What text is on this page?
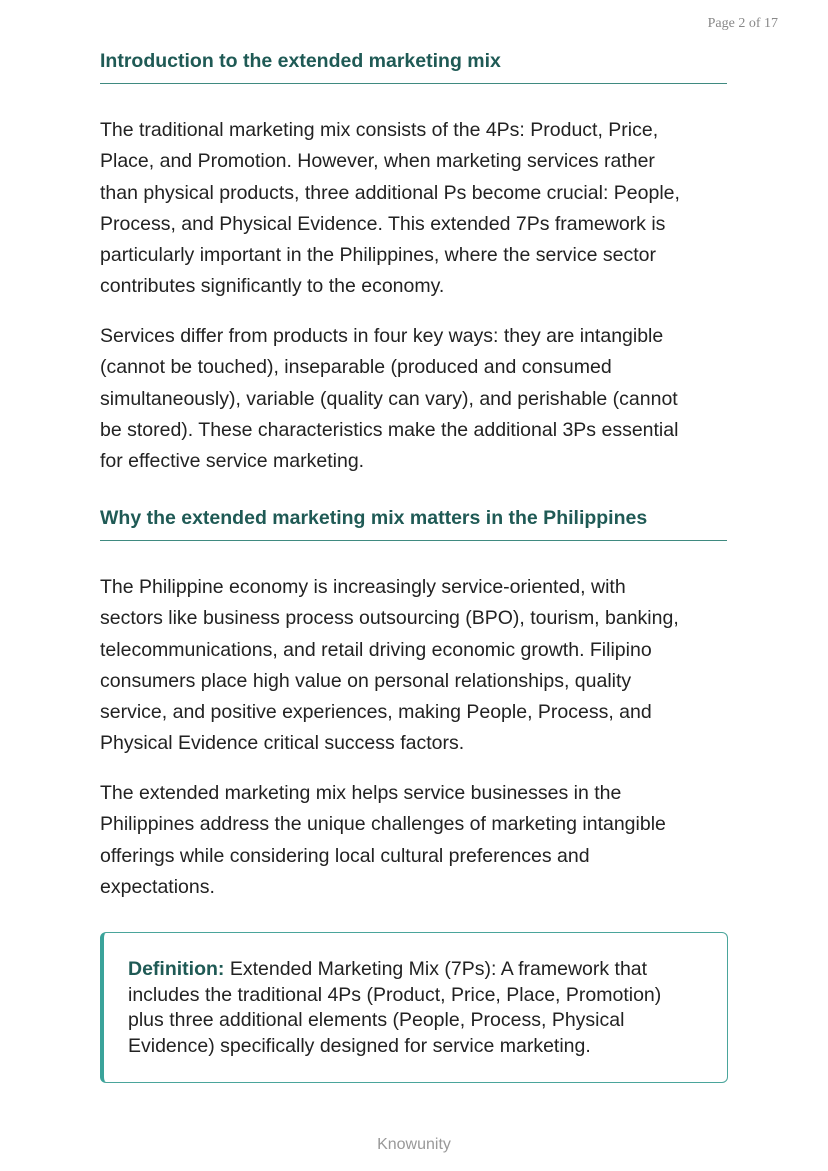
Page 2 of 17
Introduction to the extended marketing mix
The traditional marketing mix consists of the 4Ps: Product, Price,
Place, and Promotion. However, when marketing services rather
than physical products, three additional Ps become crucial: People,
Process, and Physical Evidence. This extended 7Ps framework is
particularly important in the Philippines, where the service sector
contributes significantly to the economy.
Services differ from products in four key ways: they are intangible
(cannot be touched), inseparable (produced and consumed
simultaneously), variable (quality can vary), and perishable (cannot
be stored). These characteristics make the additional 3Ps essential
for effective service marketing.
Why the extended marketing mix matters in the Philippines
The Philippine economy is increasingly service-oriented, with
sectors like business process outsourcing (BPO), tourism, banking,
telecommunications, and retail driving economic growth. Filipino
consumers place high value on personal relationships, quality
service, and positive experiences, making People, Process, and
Physical Evidence critical success factors.
The extended marketing mix helps service businesses in the
Philippines address the unique challenges of marketing intangible
offerings while considering local cultural preferences and
expectations.
Definition: Extended Marketing Mix (7Ps): A framework that
includes the traditional 4Ps (Product, Price, Place, Promotion)
plus three additional elements (People, Process, Physical
Evidence) specifically designed for service marketing.
Knowunity
